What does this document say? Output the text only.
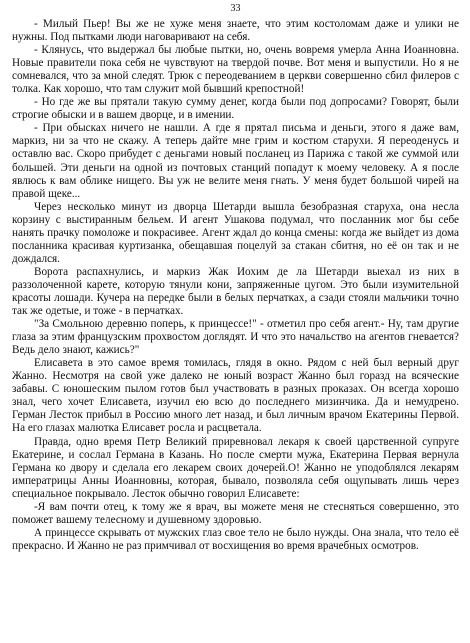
33

- Милый Пьер! Вы же не хуже меня знаете, что этим костоломам даже и улики не нужны. Под пытками люди наговаривают на себя.

- Клянусь, что выдержал бы любые пытки, но, очень вовремя умерла Анна Иоанновна. Новые правители пока себя не чувствуют на твердой почве. Вот меня и выпустили. Но я не сомневался, что за мной следят. Трюк с переодеванием в церкви совершенно сбил филеров с толка. Как хорошо, что там служит мой бывший крепостной!

- Но где же вы прятали такую сумму денег, когда были под допросами? Говорят, были строгие обыски и в вашем дворце, и в имении.

- При обысках ничего не нашли. А где я прятал письма и деньги, этого я даже вам, маркиз, ни за что не скажу. А теперь дайте мне грим и костюм старухи. Я переоденусь и оставлю вас. Скоро прибудет с деньгами новый посланец из Парижа с такой же суммой или большей. Эти деньги на одной из почтовых станций попадут к моему человеку. А я после явлюсь к вам облике нищего. Вы уж не велите меня гнать. У меня будет большой чирей на правой щеке...

Через несколько минут из дворца Шетарди вышла безобразная старуха, она несла корзину с выстиранным бельем. И агент Ушакова подумал, что посланник мог бы себе нанять прачку помоложе и покрасивее. Агент ждал до конца смены: когда же выйдет из дома посланника красивая куртизанка, обещавшая поцелуй за стакан сбитня, но её он так и не дождался.

Ворота распахнулись, и маркиз Жак Иохим де ла Шетарди выехал из них в раззолоченной карете, которую тянули кони, запряженные цугом. Это были изумительной красоты лошади. Кучера на передке были в белых перчатках, а сзади стояли мальчики точно так же одетые, и тоже - в перчатках.

"За Смольною деревню поперь, к принцессе!" - отметил про себя агент.- Ну, там другие глаза за этим французским прохвостом доглядят. И что это начальство на агентов гневается? Ведь дело знают, кажись?"

Елисавета в это самое время томилась, глядя в окно. Рядом с ней был верный друг Жанно. Несмотря на свой уже далеко не юный возраст Жанно был горазд на всяческие забавы. С юношеским пылом готов был участвовать в разных проказах. Он всегда хорошо знал, чего хочет Елисавета, изучил ею всю до последнего мизинчика. Да и немудрено. Герман Лесток прибыл в Россию много лет назад, и был личным врачом Екатерины Первой. На его глазах малютка Елисавет росла и расцветала.

Правда, одно время Петр Великий приревновал лекаря к своей царственной супруге Екатерине, и сослал Германа в Казань. Но после смерти мужа, Екатерина Первая вернула Германа ко двору и сделала его лекарем своих дочерей.О! Жанно не уподоблялся лекарям императрицы Анны Иоанновны, которая, бывало, позволяла себя ощупывать лишь через специальное покрывало. Лесток обычно говорил Елисавете:

-Я вам почти отец, к тому же я врач, вы можете меня не стесняться совершенно, это поможет вашему телесному и душевному здоровью.

А принцессе скрывать от мужских глаз свое тело не было нужды. Она знала, что тело её прекрасно. И Жанно не раз примчивал от восхищения во время врачебных осмотров.
